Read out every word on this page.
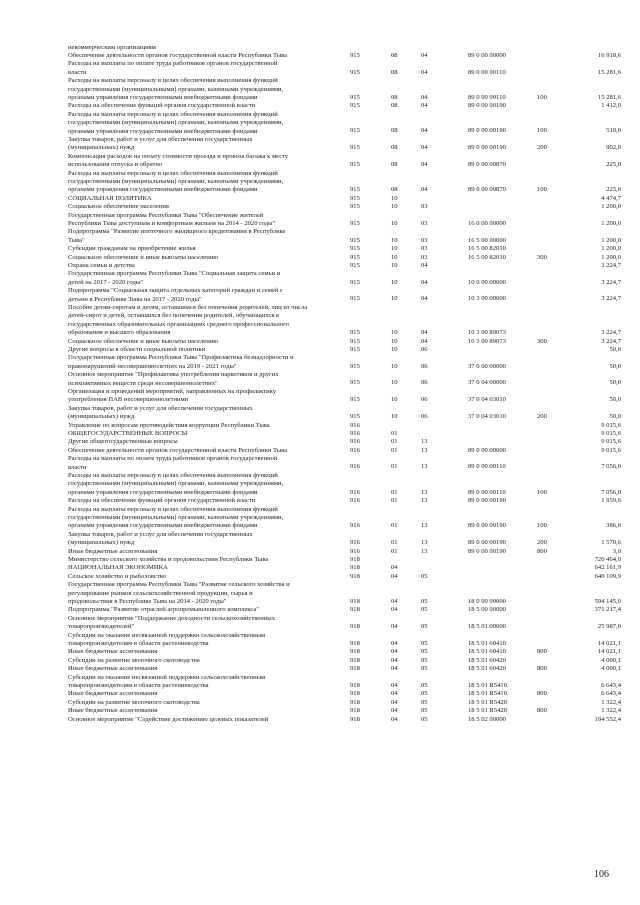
некоммерческим организациям
Обеспечение деятельности органов государственной власти Республики Тыва	915	08	04	89 0 00 00000	16 918,6
Расходы на выплаты по оплате труда работников органов государственной
власти	915	08	04	89 0 00 00110	15 281,6
Расходы на выплаты персоналу в целях обеспечения выполнения функций
государственными (муниципальными) органами, казенными учреждениями,
органами управления государственными внебюджетными фондами	915	08	04	89 0 00 00110	100	15 281,6
Расходы на обеспечение функций органов государственной власти	915	08	04	89 0 00 00190	1 412,0
Расходы на выплаты персоналу в целях обеспечения выполнения функций
государственными (муниципальными) органами, казенными учреждениями,
органами управления государственными внебюджетными фондами	915	08	04	89 0 00 00190	100	510,0
Закупка товаров, работ и услуг для обеспечения государственных
(муниципальных) нужд	915	08	04	89 0 00 00190	200	902,0
Компенсация расходов на оплату стоимости проезда и провоза багажа к месту
использования отпуска и обратно	915	08	04	89 0 00 00870	225,0
Расходы на выплаты персоналу в целях обеспечения выполнения функций
государственными (муниципальными) органами, казенными учреждениями,
органами управления государственными внебюджетными фондами	915	08	04	89 0 00 00870	100	225,0
СОЦИАЛЬНАЯ ПОЛИТИКА	915	10	4 474,7
Социальное обеспечение населения	915	10	03	1 200,0
Государственная программа Республики Тыва "Обеспечение жителей
Республики Тыва доступным и комфортным жильем на 2014 - 2020 годы"	915	10	03	16 0 00 00000	1 200,0
Подпрограмма "Развитие ипотечного жилищного кредитования в Республике
Тыва"	915	10	03	16 5 00 00000	1 200,0
Субсидии гражданам на приобретение жилья	915	10	03	16 5 00 82010	1 200,0
Социальное обеспечение и иные выплаты населению	915	10	03	16 5 00 82010	300	1 200,0
Охрана семьи и детства	915	10	04	3 224,7
Государственная программа Республики Тыва "Социальная защита семьи и
детей на 2017 - 2020 годы"	915	10	04	10 0 00 00000	3 224,7
Подпрограмма "Социальная защита отдельных категорий граждан и семей с
детьми в Республике Тыва на 2017 - 2020 годы"	915	10	04	10 3 00 00000	3 224,7
Пособие детям-сиротам и детям, оставшимся без попечения родителей, лиц из числа
детей-сирот и детей, оставшихся без попечения родителей, обучающихся в
государственных образовательных организациях среднего профессионального
образования и высшего образования	915	10	04	10 3 00 89073	3 224,7
Социальное обеспечение и иные выплаты населению	915	10	04	10 3 00 89073	300	3 224,7
Другие вопросы в области социальной политики	915	10	06	50,0
Государственная программа Республики Тыва "Профилактика безнадзорности и
правонарушений несовершеннолетних на 2019 - 2021 годы"	915	10	06	37 0 00 00000	50,0
Основное мероприятие "Профилактика употребления наркотиков и других
психоактивных веществ среди несовершеннолетних"	915	10	06	37 0 04 00000	50,0
Организация и проведений мероприятий, направленных на профилактику
употребления ПАВ несовершеннолетними	915	10	06	37 0 04 03010	50,0
Закупка товаров, работ и услуг для обеспечения государственных
(муниципальных) нужд	915	10	06	37 0 04 03010	200	50,0
Управление по вопросам противодействия коррупции Республики Тыва	916	9 015,6
ОБЩЕГОСУДАРСТВЕННЫЕ ВОПРОСЫ	916	01	9 015,6
Другие общегосударственные вопросы	916	01	13	9 015,6
Обеспечение деятельности органов государственной власти Республики Тыва	916	01	13	89 0 00 00000	9 015,6
Расходы на выплаты по оплате труда работников органов государственной
власти	916	01	13	89 0 00 00110	7 056,0
Расходы на выплаты персоналу в целях обеспечения выполнения функций
государственными (муниципальными) органами, казенными учреждениями,
органами управления государственными внебюджетными фондами	916	01	13	89 0 00 00110	100	7 056,0
Расходы на обеспечение функций органов государственной власти	916	01	13	89 0 00 00190	1 959,6
Расходы на выплаты персоналу в целях обеспечения выполнения функций
государственными (муниципальными) органами, казенными учреждениями,
органами управления государственными внебюджетными фондами	916	01	13	89 0 00 00190	100	386,0
Закупка товаров, работ и услуг для обеспечения государственных
(муниципальных) нужд	916	01	13	89 0 00 00190	200	1 570,6
Иные бюджетные ассигнования	916	01	13	89 0 00 00190	800	3,0
Министерство сельского хозяйства и продовольствия Республики Тыва	918	720 464,0
НАЦИОНАЛЬНАЯ ЭКОНОМИКА	918	04	642 161,9
Сельское хозяйство и рыболовство	918	04	05	640 109,9
Государственная программа Республики Тыва "Развитие сельского хозяйства и
регулирование рынков сельскохозяйственной продукции, сырья и
продовольствия в Республике Тыва на 2014 - 2020 годы"	918	04	05	18 0 00 00000	594 145,0
Подпрограмма "Развитие отраслей агропромышленного комплекса"	918	04	05	18 5 00 00000	371 217,4
Основное мероприятие "Поддержание доходности сельскохозяйственных
товаропроизводителей"	918	04	05	18 5 01 00000	25 987,0
Субсидии на оказание несвязанной поддержки сельскохозяйственным
товаропроизводителям в области растениеводства	918	04	05	18 5 01 60410	14 021,1
Иные бюджетные ассигнования	918	04	05	18 5 01 60410	800	14 021,1
Субсидии на развитие молочного скотоводства	918	04	05	18 5 01 60420	4 000,1
Иные бюджетные ассигнования	918	04	05	18 5 01 60420	800	4 000,1
Субсидии на оказание несвязанной поддержки сельскохозяйственным
товаропроизводителям в области растениеводства	918	04	05	18 5 01 R5410	6 643,4
Иные бюджетные ассигнования	918	04	05	18 5 01 R5410	800	6 643,4
Субсидии на развитие молочного скотоводства	918	04	05	18 5 01 R5420	1 322,4
Иные бюджетные ассигнования	918	04	05	18 5 01 R5420	800	1 322,4
Основное мероприятие "Содействие достижению целевых показателей	918	04	05	18 5 02 00000	194 552,4
106
